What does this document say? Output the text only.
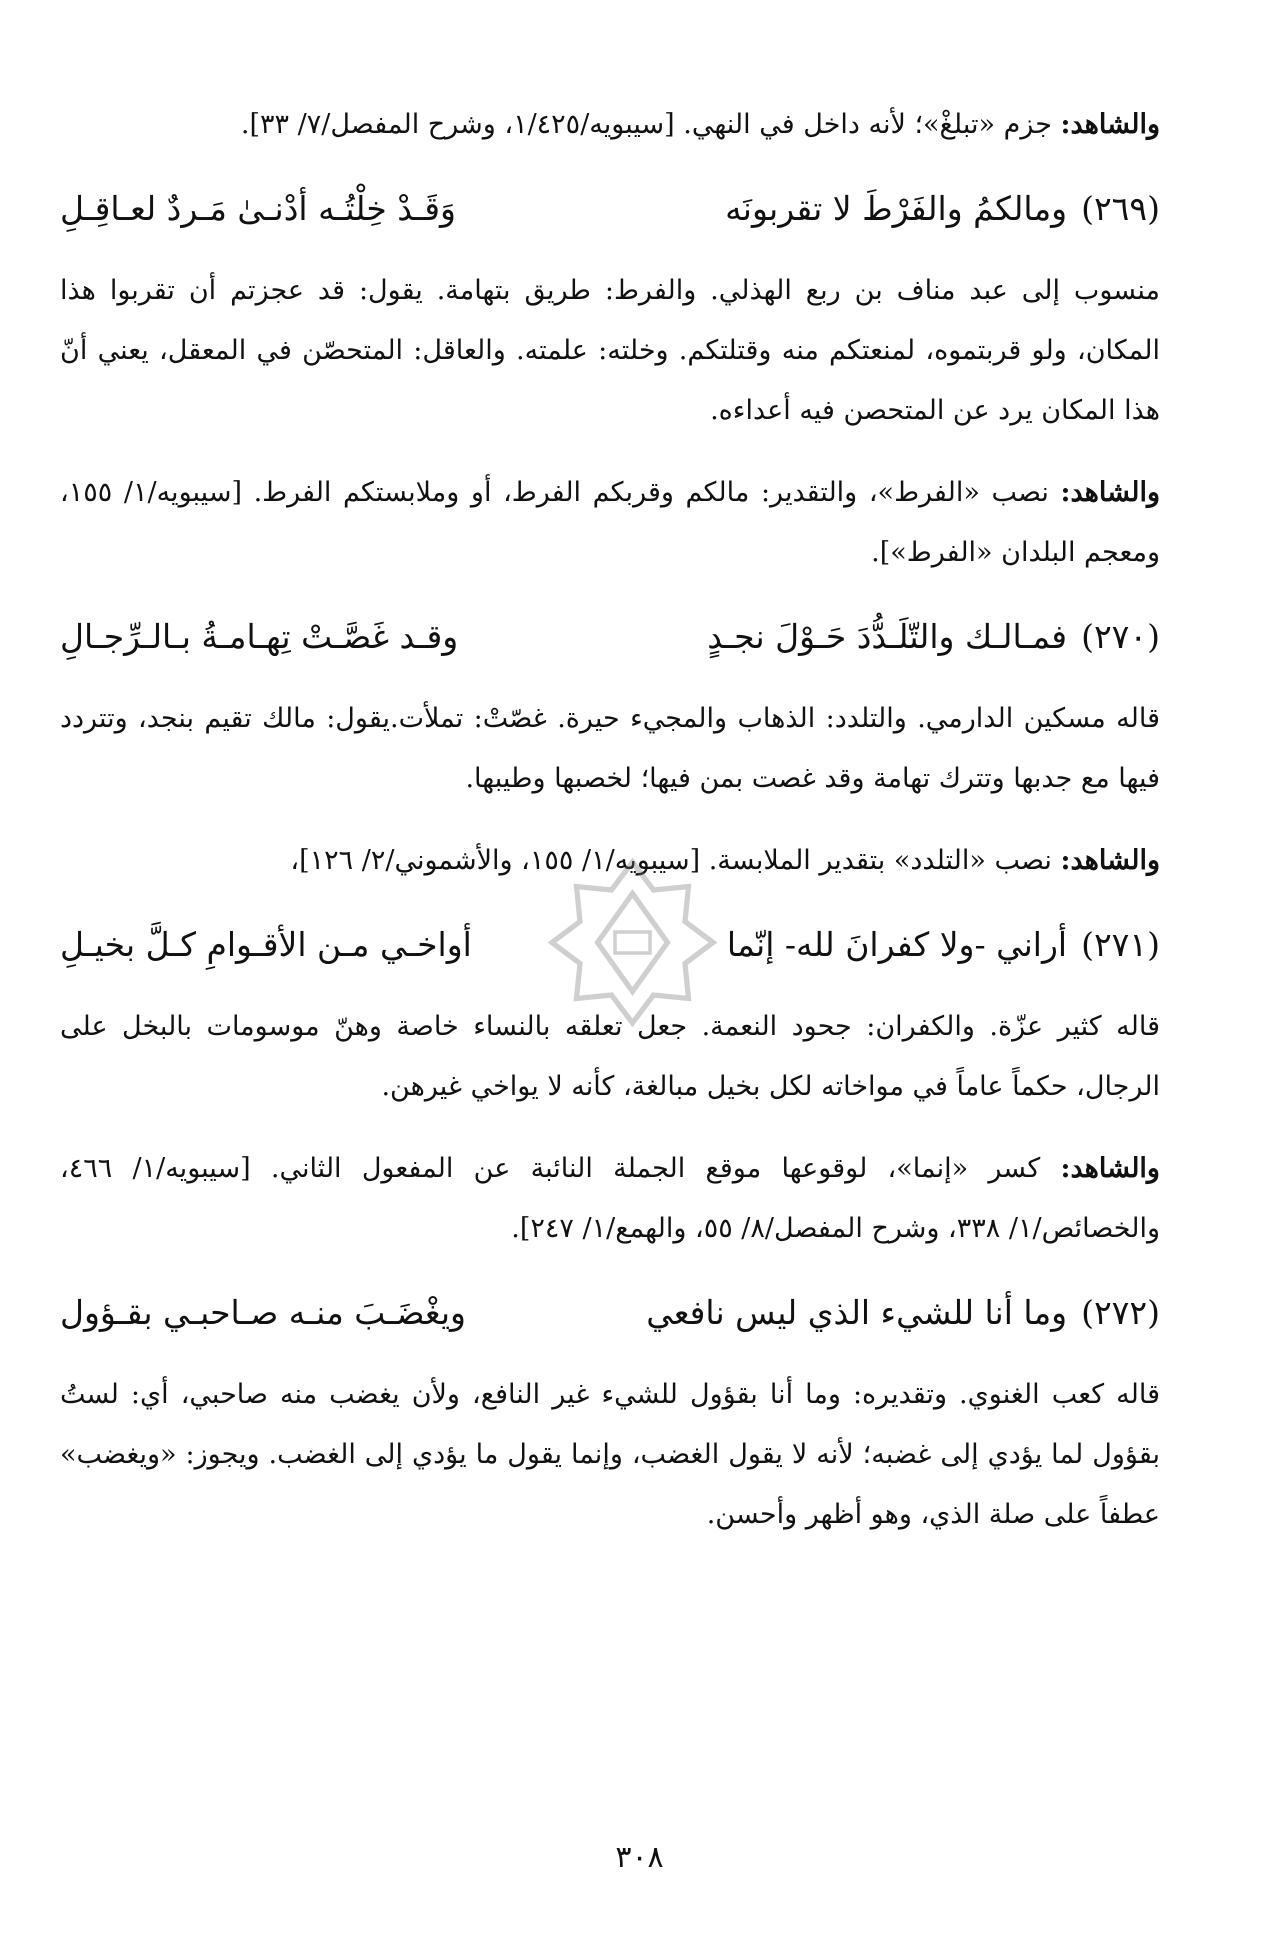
والشاهد: جزم «تبلغْ»؛ لأنه داخل في النهي. [سيبويه/١/٤٢٥، وشرح المفصل/٧/ ٣٣].

(٢٦٩)
ومالكمُ والفَرْطَ لا تقربونَه
وَقَـدْ خِلْتُـه أدْنـىٰ مَـردٌ لعـاقِـلِ

منسوب إلى عبد مناف بن ربع الهذلي. والفرط: طريق بتهامة. يقول: قد عجزتم أن تقربوا هذا المكان، ولو قربتموه، لمنعتكم منه وقتلتكم. وخلته: علمته. والعاقل: المتحصّن في المعقل، يعني أنّ هذا المكان يرد عن المتحصن فيه أعداءه.

والشاهد: نصب «الفرط»، والتقدير: مالكم وقربكم الفرط، أو وملابستكم الفرط. [سيبويه/١/ ١٥٥، ومعجم البلدان «الفرط»].

(٢٧٠)
فمـالـك والتّلَـدُّدَ حَـوْلَ نجـدٍ
وقـد غَصَّـتْ تِهـامـةُ بـالـرِّجـالِ

قاله مسكين الدارمي. والتلدد: الذهاب والمجيء حيرة. غصّتْ: تملأت.يقول: مالك تقيم بنجد، وتتردد فيها مع جدبها وتترك تهامة وقد غصت بمن فيها؛ لخصبها وطيبها.

والشاهد: نصب «التلدد» بتقدير الملابسة. [سيبويه/١/ ١٥٥، والأشموني/٢/ ١٢٦]،

(٢٧١)
أراني -ولا كفرانَ لله- إنّما
أواخـي مـن الأقـوامِ كـلَّ بخيـلِ

قاله كثير عزّة. والكفران: جحود النعمة. جعل تعلقه بالنساء خاصة وهنّ موسومات بالبخل على الرجال، حكماً عاماً في مواخاته لكل بخيل مبالغة، كأنه لا يواخي غيرهن.

والشاهد: كسر «إنما»، لوقوعها موقع الجملة النائبة عن المفعول الثاني. [سيبويه/١/ ٤٦٦، والخصائص/١/ ٣٣٨، وشرح المفصل/٨/ ٥٥، والهمع/١/ ٢٤٧].

(٢٧٢)
وما أنا للشيء الذي ليس نافعي
ويغْضَـبَ منـه صـاحبـي بقـؤول

قاله كعب الغنوي. وتقديره: وما أنا بقؤول للشيء غير النافع، ولأن يغضب منه صاحبي، أي: لستُ بقؤول لما يؤدي إلى غضبه؛ لأنه لا يقول الغضب، وإنما يقول ما يؤدي إلى الغضب. ويجوز: «ويغضب» عطفاً على صلة الذي، وهو أظهر وأحسن.

٣٠٨
